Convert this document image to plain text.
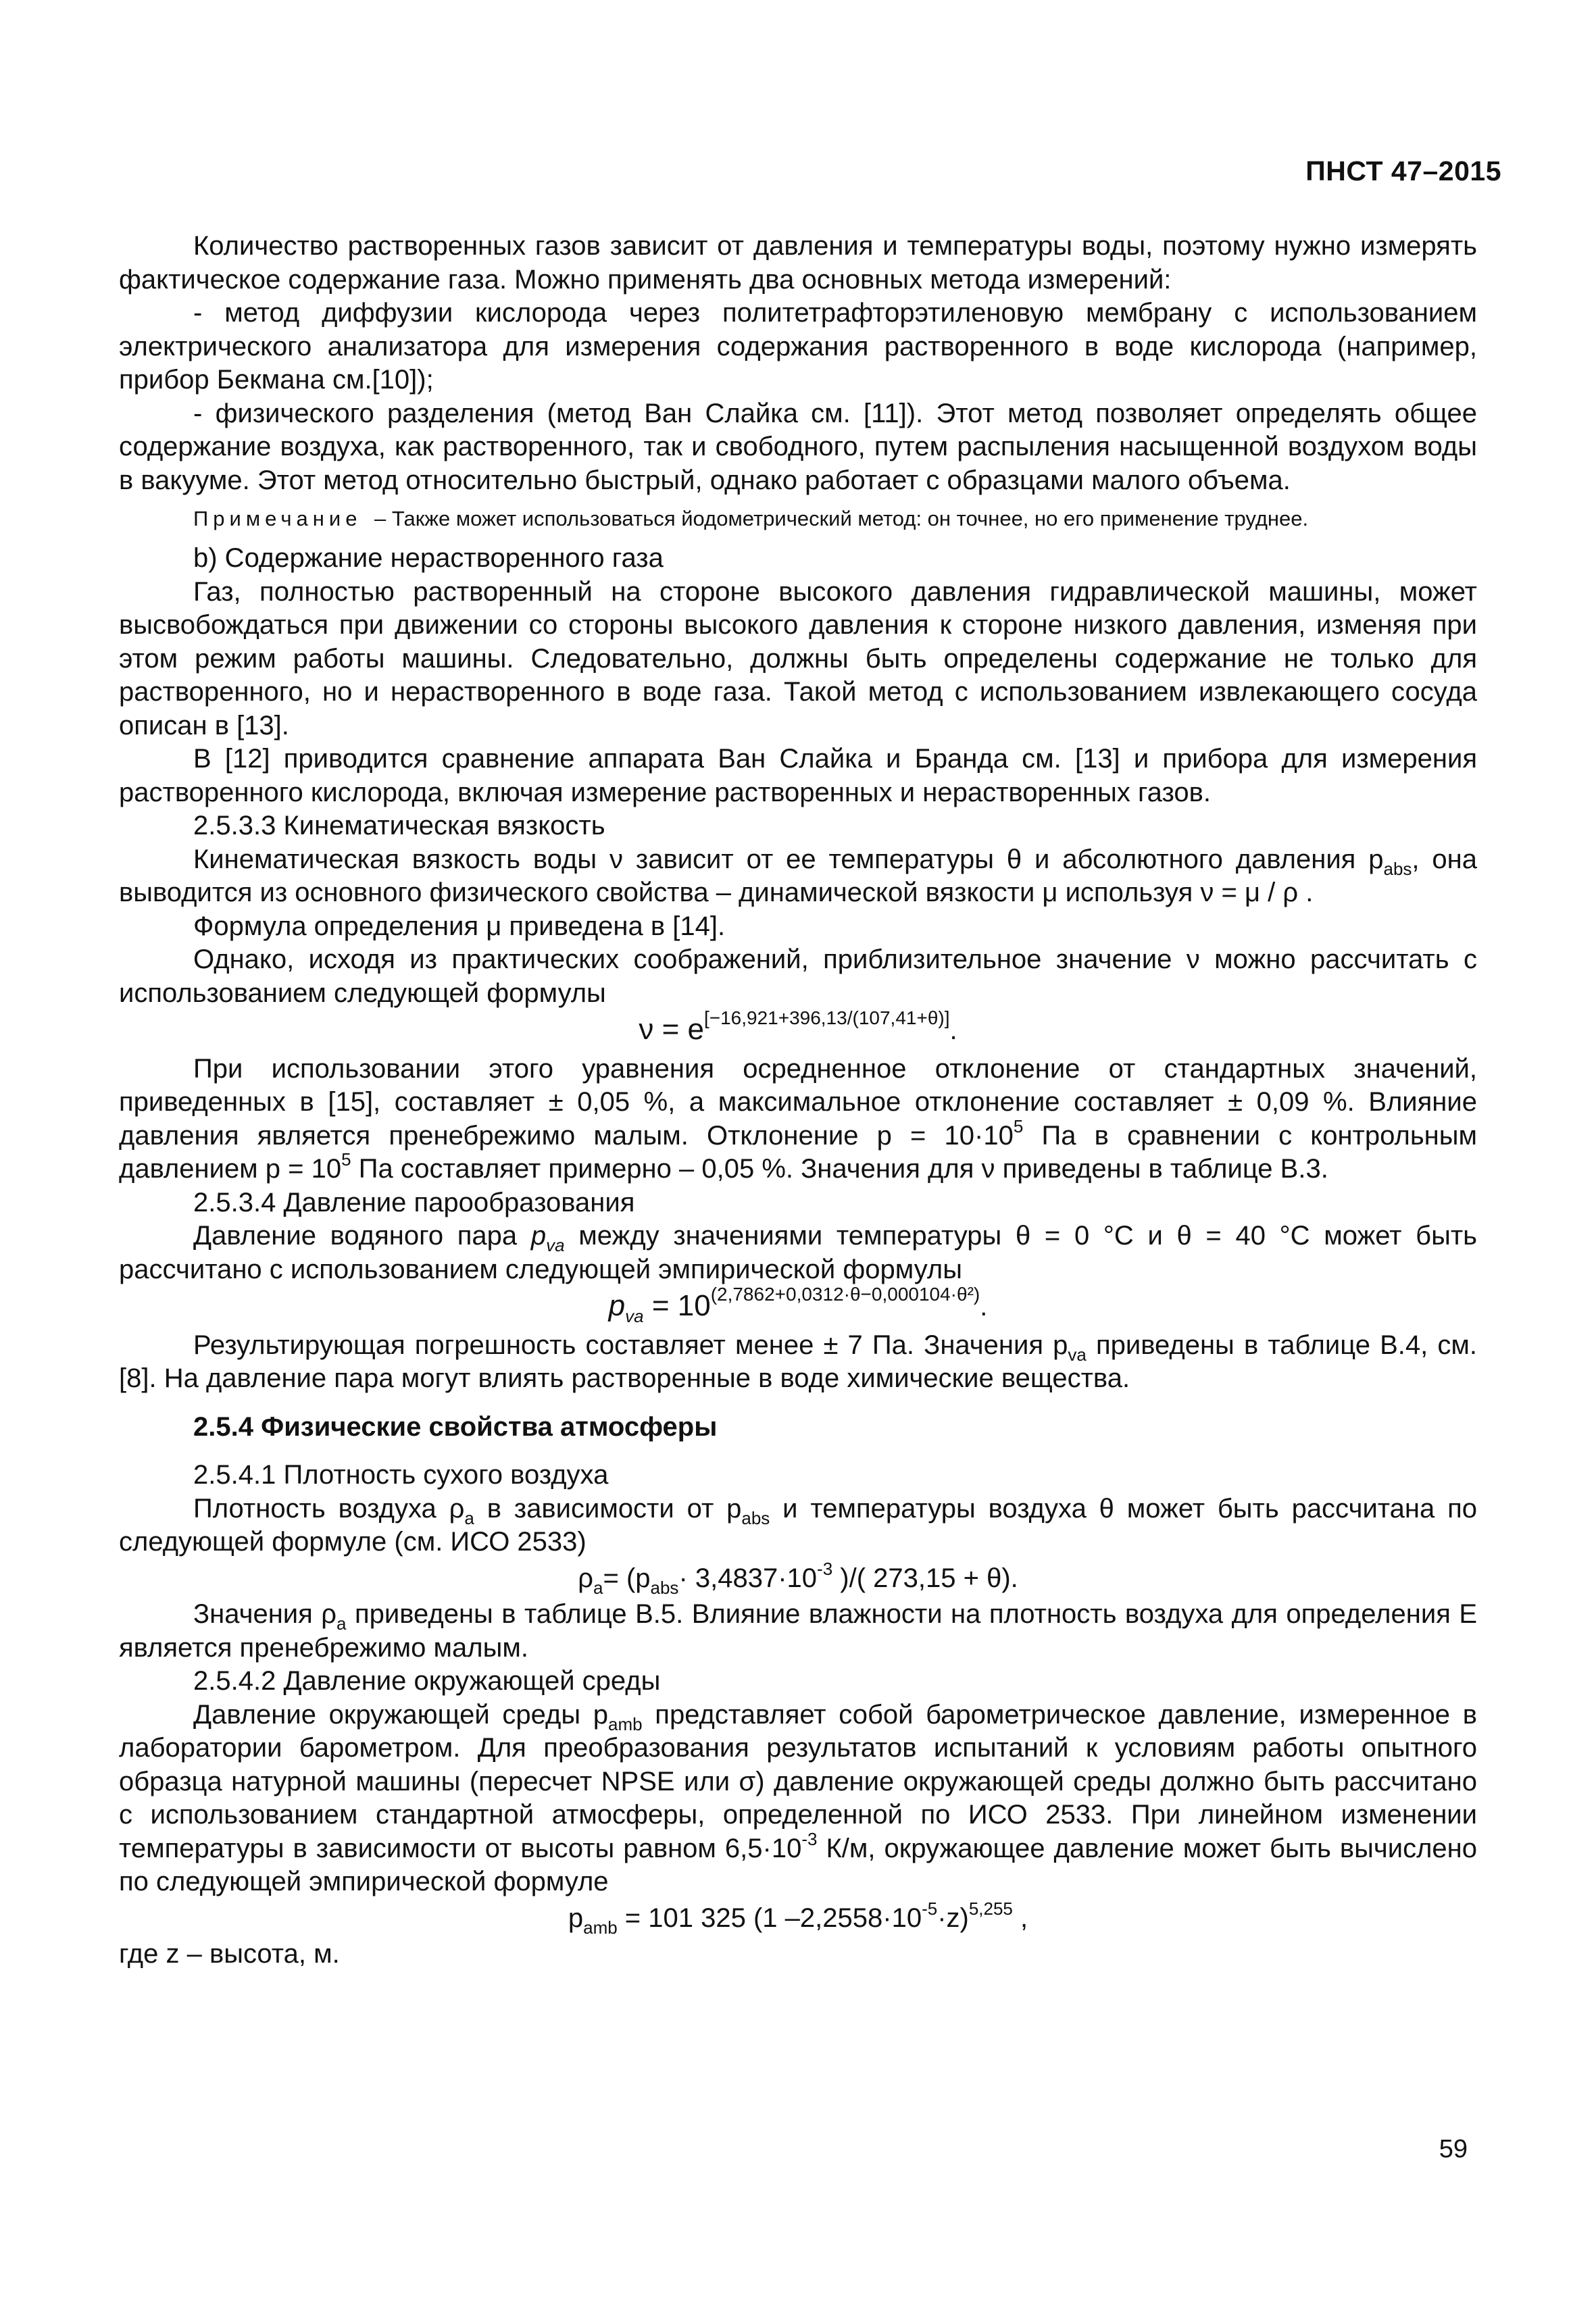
ПНСТ 47–2015

Количество растворенных газов зависит от давления и температуры воды, поэтому нужно измерять фактическое содержание газа. Можно применять два основных метода измерений:

- метод диффузии кислорода через политетрафторэтиленовую мембрану с использованием электрического анализатора для измерения содержания растворенного в воде кислорода (например, прибор Бекмана см.[10]);

- физического разделения (метод Ван Слайка см. [11]). Этот метод позволяет определять общее содержание воздуха, как растворенного, так и свободного, путем распыления насыщенной воздухом воды в вакууме. Этот метод относительно быстрый, однако работает с образцами малого объема.

Примечание – Также может использоваться йодометрический метод: он точнее, но его применение труднее.

b) Содержание нерастворенного газа

Газ, полностью растворенный на стороне высокого давления гидравлической машины, может высвобождаться при движении со стороны высокого давления к стороне низкого давления, изменяя при этом режим работы машины. Следовательно, должны быть определены содержание не только для растворенного, но и нерастворенного в воде газа. Такой метод с использованием извлекающего сосуда описан в [13].

В [12] приводится сравнение аппарата Ван Слайка и Бранда см. [13] и прибора для измерения растворенного кислорода, включая измерение растворенных и нерастворенных газов.

2.5.3.3 Кинематическая вязкость

Кинематическая вязкость воды ν зависит от ее температуры θ и абсолютного давления $p_{abs}$, она выводится из основного физического свойства – динамической вязкости μ используя ν = μ / ρ .

Формула определения μ приведена в [14].

Однако, исходя из практических соображений, приблизительное значение ν можно рассчитать с использованием следующей формулы

ν = e[−16,921+396,13/(107,41+θ)].

При использовании этого уравнения осредненное отклонение от стандартных значений, приведенных в [15], составляет ± 0,05 %, а максимальное отклонение составляет ± 0,09 %. Влияние давления является пренебрежимо малым. Отклонение $p = 10\cdot 10^5$ Па в сравнении с контрольным давлением $p = 10^5$ Па составляет примерно – 0,05 %. Значения для ν приведены в таблице B.3.

2.5.3.4 Давление парообразования

Давление водяного пара $p_{va}$ между значениями температуры θ = 0 °С и θ = 40 °С может быть рассчитано с использованием следующей эмпирической формулы

$p_{va} = 10^{(2,7862+0,0312\cdot\theta-0,000104\cdot\theta^2)}$.

Результирующая погрешность составляет менее ± 7 Па. Значения $p_{va}$ приведены в таблице B.4, см. [8]. На давление пара могут влиять растворенные в воде химические вещества.

2.5.4 Физические свойства атмосферы

2.5.4.1 Плотность сухого воздуха

Плотность воздуха $\rho_a$ в зависимости от $p_{abs}$ и температуры воздуха θ может быть рассчитана по следующей формуле (см. ИСО 2533)

$\rho_a= (p_{abs}\cdot 3,4837\cdot 10^{-3}$ )/( 273,15 + θ).

Значения $\rho_a$ приведены в таблице B.5. Влияние влажности на плотность воздуха для определения E является пренебрежимо малым.

2.5.4.2 Давление окружающей среды

Давление окружающей среды $p_{amb}$ представляет собой барометрическое давление, измеренное в лаборатории барометром. Для преобразования результатов испытаний к условиям работы опытного образца натурной машины (пересчет NPSE или σ) давление окружающей среды должно быть рассчитано с использованием стандартной атмосферы, определенной по ИСО 2533. При линейном изменении температуры в зависимости от высоты равном $6,5\cdot 10^{-3}$ К/м, окружающее давление может быть вычислено по следующей эмпирической формуле

$p_{amb} = 101$ 325 (1 $-2,2558\cdot 10^{-5}\cdot z)^{5,255}$ ,

где z – высота, м.

59
